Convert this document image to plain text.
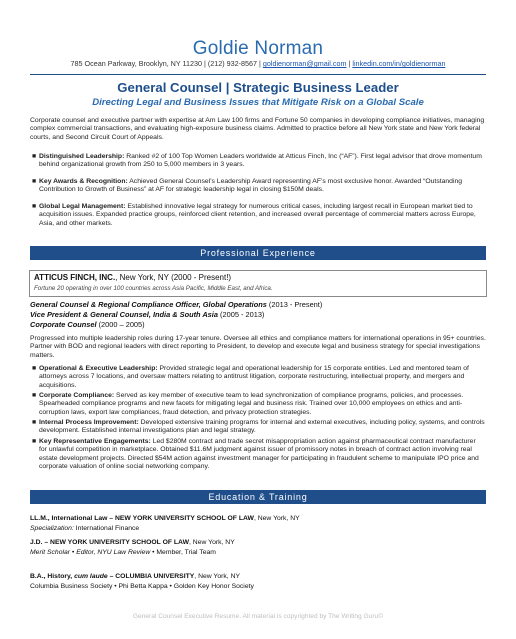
Goldie Norman
785 Ocean Parkway, Brooklyn, NY 11230 | (212) 932-8567 | goldienorman@gmail.com | linkedin.com/in/goldienorman
General Counsel | Strategic Business Leader
Directing Legal and Business Issues that Mitigate Risk on a Global Scale
Corporate counsel and executive partner with expertise at Am Law 100 firms and Fortune 50 companies in developing compliance initiatives, managing complex commercial transactions, and evaluating high-exposure business claims. Admitted to practice before all New York state and New York federal courts, and Second Circuit Court of Appeals.
■ Distinguished Leadership: Ranked #2 of 100 Top Women Leaders worldwide at Atticus Finch, Inc (“AF”). First legal advisor that drove momentum behind organizational growth from 250 to 5,000 members in 3 years.
■ Key Awards & Recognition: Achieved General Counsel’s Leadership Award representing AF’s most exclusive honor. Awarded “Outstanding Contribution to Growth of Business” at AF for strategic leadership legal in closing $150M deals.
■ Global Legal Management: Established innovative legal strategy for numerous critical cases, including largest recall in European market tied to acquisition issues. Expanded practice groups, reinforced client retention, and increased overall percentage of commercial matters across Europe, Asia, and other markets.
Professional Experience
ATTICUS FINCH, INC., New York, NY (2000 - Present!)
Fortune 20 operating in over 100 countries across Asia Pacific, Middle East, and Africa.
General Counsel & Regional Compliance Officer, Global Operations (2013 - Present)
Vice President & General Counsel, India & South Asia (2005 - 2013)
Corporate Counsel (2000 – 2005)
Progressed into multiple leadership roles during 17-year tenure. Oversee all ethics and compliance matters for international operations in 95+ countries. Partner with BOD and regional leaders with direct reporting to President, to develop and execute legal and business strategy for special investigations matters.
■ Operational & Executive Leadership: Provided strategic legal and operational leadership for 15 corporate entities. Led and mentored team of attorneys across 7 locations, and oversaw matters relating to antitrust litigation, corporate restructuring, intellectual property, and mergers and acquisitions.
■ Corporate Compliance: Served as key member of executive team to lead synchronization of compliance programs, policies, and processes. Spearheaded compliance programs and new facets for mitigating legal and business risk. Trained over 10,000 employees on ethics and anti-corruption laws, export law compliances, fraud detection, and privacy protection strategies.
■ Internal Process Improvement: Developed extensive training programs for internal and external executives, including policy, systems, and controls development. Established internal investigations plan and legal strategy.
■ Key Representative Engagements: Led $280M contract and trade secret misappropriation action against pharmaceutical contract manufacturer for unlawful competition in marketplace. Obtained $11.6M judgment against issuer of promissory notes in breach of contract action involving real estate development projects. Directed $54M action against investment manager for participating in fraudulent scheme to manipulate IPO price and corporate valuation of online social networking company.
Education & Training
LL.M., International Law – NEW YORK UNIVERSITY SCHOOL OF LAW, New York, NY
Specialization: International Finance
J.D. – NEW YORK UNIVERSITY SCHOOL OF LAW, New York, NY
Merit Scholar • Editor, NYU Law Review • Member, Trial Team
B.A., History, cum laude – COLUMBIA UNIVERSITY, New York, NY
Columbia Business Society • Phi Betta Kappa • Golden Key Honor Society
General Counsel Executive Resume. All material is copyrighted by The Writing Guru©
